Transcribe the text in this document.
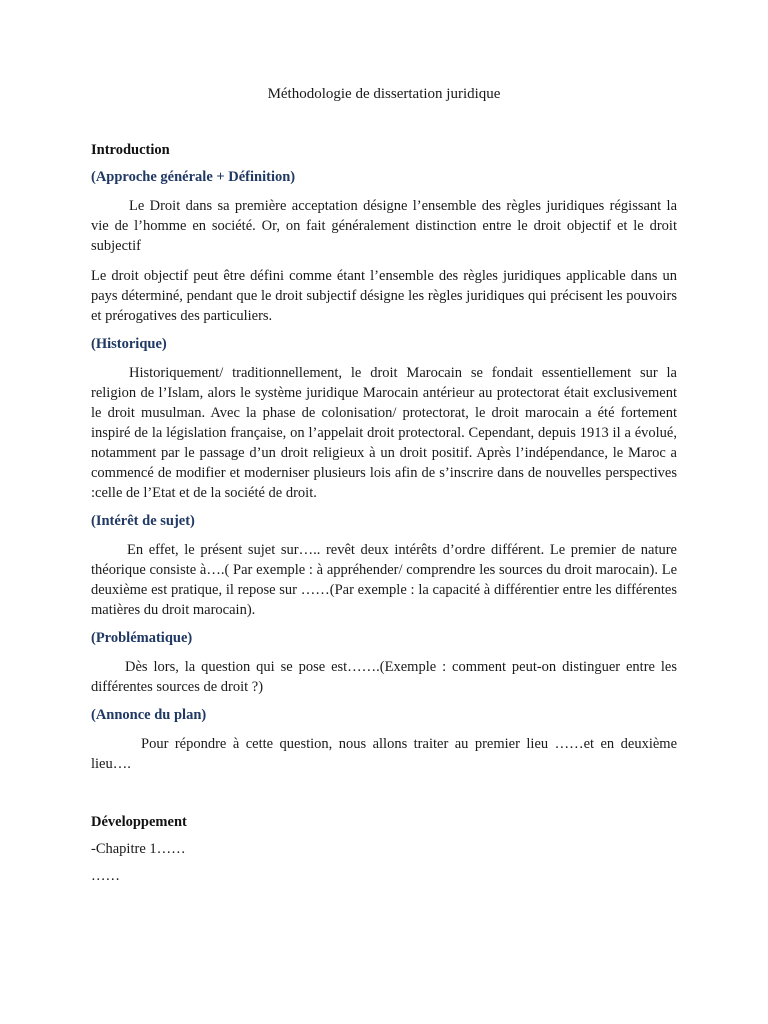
Méthodologie de dissertation juridique
Introduction
(Approche générale + Définition)

Le Droit dans sa première acceptation désigne l’ensemble des règles juridiques régissant la vie de l’homme en société. Or, on fait généralement distinction entre le droit objectif et le droit subjectif

Le droit objectif peut être défini comme étant l’ensemble des règles juridiques applicable dans un pays déterminé, pendant que le droit subjectif désigne les règles juridiques qui précisent les pouvoirs et prérogatives des particuliers.

(Historique)

Historiquement/ traditionnellement, le droit Marocain se fondait essentiellement sur la religion de l’Islam, alors le système juridique Marocain antérieur au protectorat était exclusivement le droit musulman. Avec la phase de colonisation/ protectorat, le droit marocain a été fortement inspiré de la législation française, on l’appelait droit protectoral. Cependant, depuis 1913 il a évolué, notamment par le passage d’un droit religieux à un droit positif. Après l’indépendance, le Maroc a commencé de modifier et moderniser plusieurs lois afin de s’inscrire dans de nouvelles perspectives :celle de l’Etat et de la société de droit.

(Intérêt de sujet)

En effet, le présent sujet sur….. revêt deux intérêts d’ordre différent. Le premier de nature théorique consiste à….( Par exemple : à appréhender/ comprendre les sources du droit marocain). Le deuxième est pratique, il repose sur ……(Par exemple : la capacité à différentier entre les différentes matières du droit marocain).

(Problématique)

Dès lors, la question qui se pose est…….(Exemple : comment peut-on distinguer entre les différentes sources de droit ?)

(Annonce du plan)

Pour répondre à cette question, nous allons traiter au premier lieu ……et en deuxième lieu….

Développement
-Chapitre 1……
……
